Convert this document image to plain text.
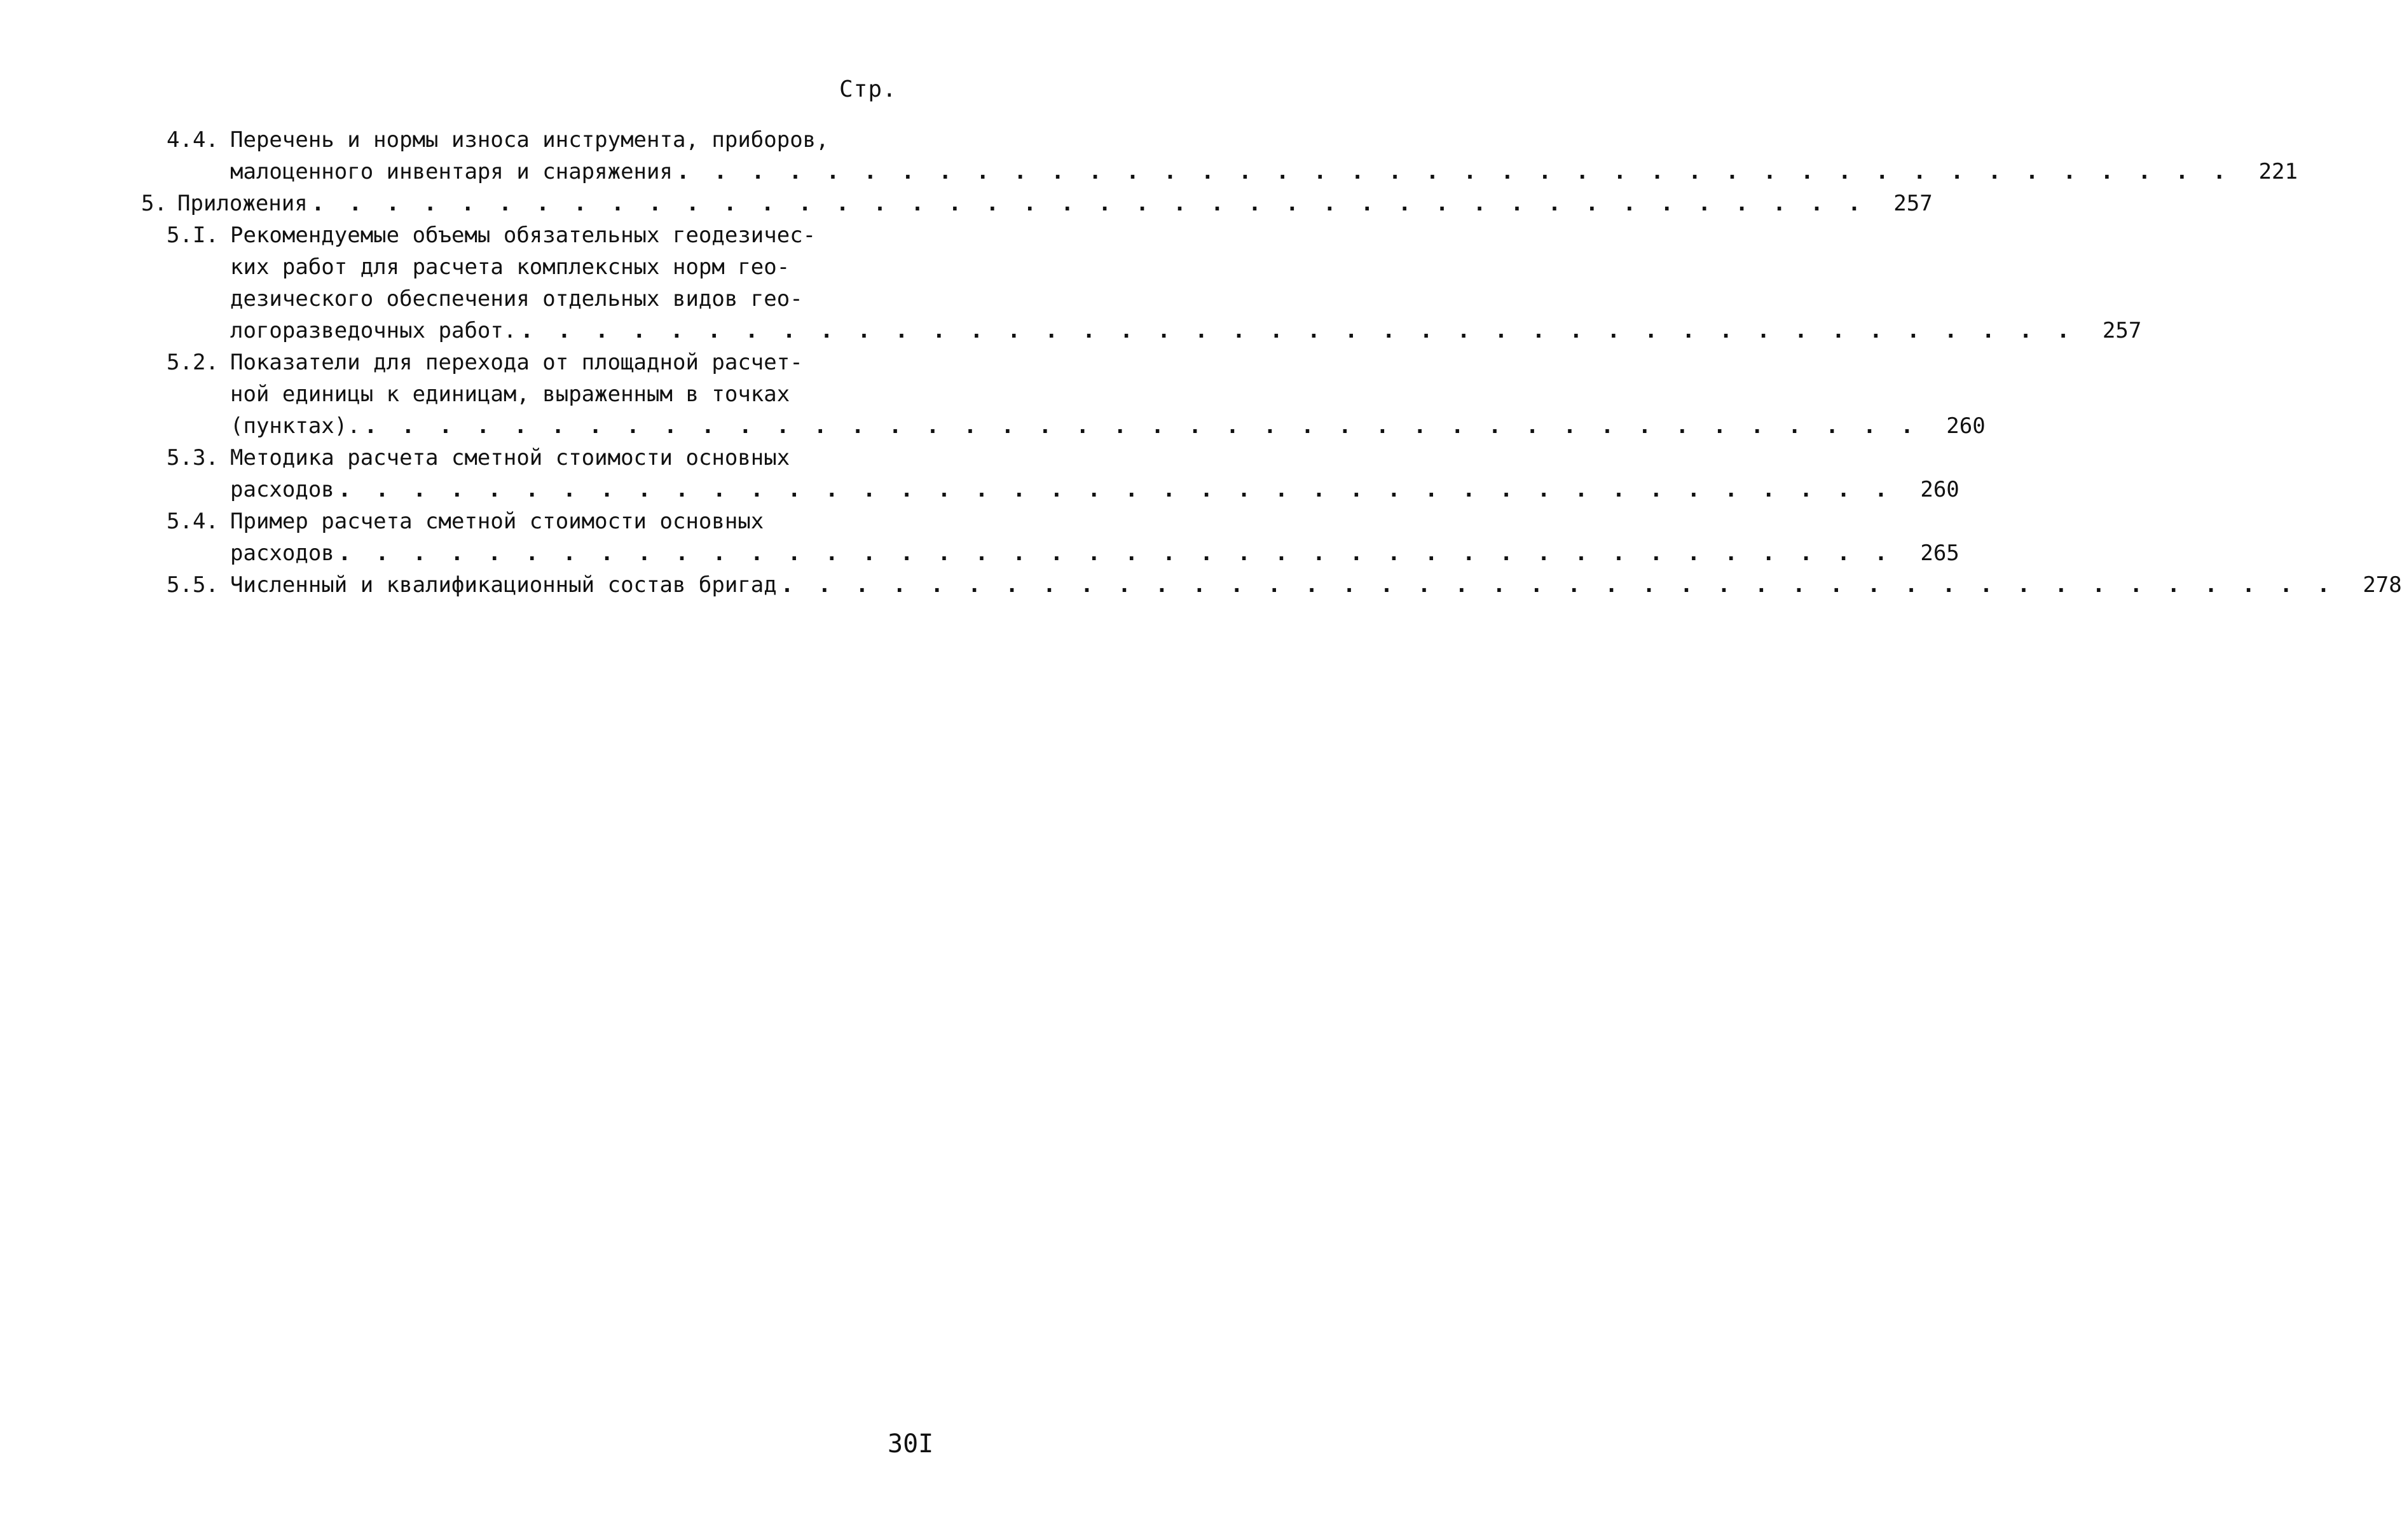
Стр.
4.4. Перечень и нормы износа инструмента, приборов,
малоценного инвентаря и снаряжения . . . . . . . . . . . . . . . . . . . . . . . . . . . . . . . . . . . . . . . . . .	221
5. Приложения . . . . . . . . . . . . . . . . . . . . . . . . . . . . . . . . . . . . . . . . . .	257
5.I. Рекомендуемые объемы обязательных геодезичес-
ких работ для расчета комплексных норм гео-
дезического обеспечения отдельных видов гео-
логоразведочных работ. . . . . . . . . . . . . . . . . . . . . . . . . . . . . . . . . . . . . . . . . . .	257
5.2. Показатели для перехода от площадной расчет-
ной единицы к единицам, выраженным в точках
(пунктах). . . . . . . . . . . . . . . . . . . . . . . . . . . . . . . . . . . . . . . . . . .	260
5.3. Методика расчета сметной стоимости основных
расходов . . . . . . . . . . . . . . . . . . . . . . . . . . . . . . . . . . . . . . . . . .	260
5.4. Пример расчета сметной стоимости основных
расходов . . . . . . . . . . . . . . . . . . . . . . . . . . . . . . . . . . . . . . . . . .	265
5.5. Численный и квалификационный состав бригад . . . . . . . . . . . . . . . . . . . . . . . . . . . . . . . . . . . . . . . . . .	278
30I
